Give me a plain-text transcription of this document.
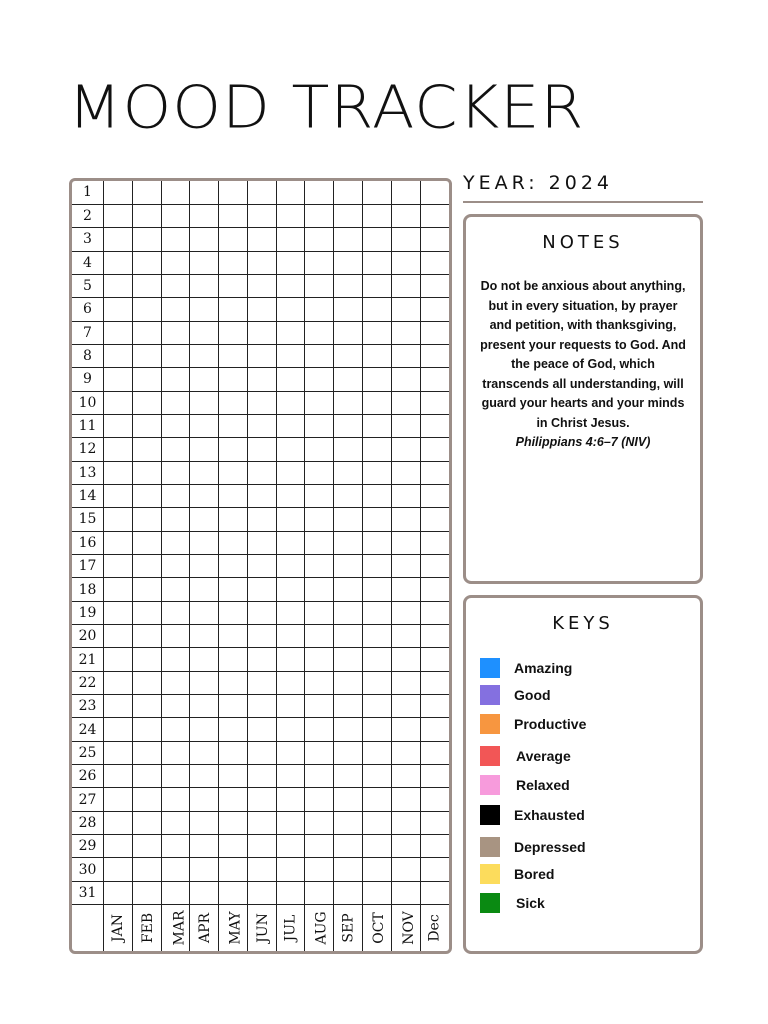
MOOD TRACKER
1												
2												
3												
4												
5												
6												
7												
8												
9												
10												
11												
12												
13												
14												
15												
16												
17												
18												
19												
20												
21												
22												
23												
24												
25												
26												
27												
28												
29												
30												
31												
	JAN	FEB	MAR	APR	MAY	JUN	JUL	AUG	SEP	OCT	NOV	Dec
YEAR: 2024
NOTES
Do not be anxious about anything,
but in every situation, by prayer
and petition, with thanksgiving,
present your requests to God. And
the peace of God, which
transcends all understanding, will
guard your hearts and your minds
in Christ Jesus.
Philippians 4:6–7 (NIV)
KEYS
Amazing
Good
Productive
Average
Relaxed
Exhausted
Depressed
Bored
Sick
